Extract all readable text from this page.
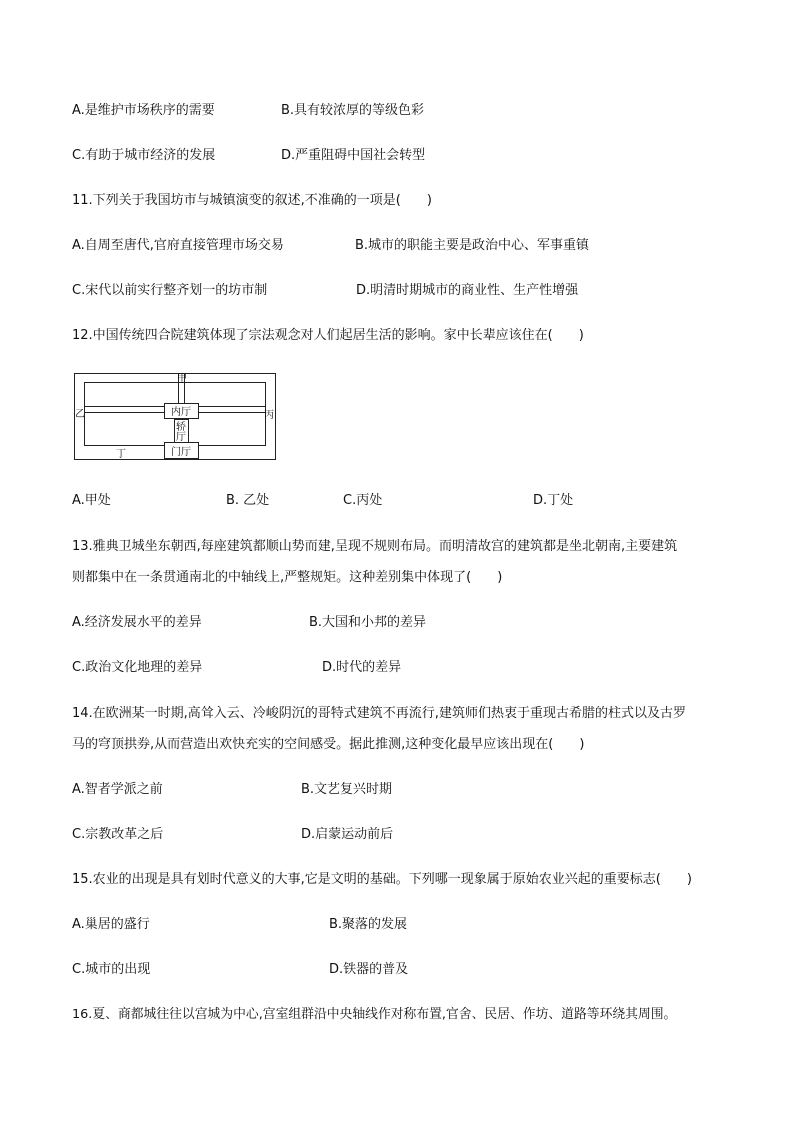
A.是维护市场秩序的需要	B.具有较浓厚的等级色彩
C.有助于城市经济的发展	D.严重阻碍中国社会转型
11.下列关于我国坊市与城镇演变的叙述,不准确的一项是(　　)
A.自周至唐代,官府直接管理市场交易	B.城市的职能主要是政治中心、军事重镇
C.宋代以前实行整齐划一的坊市制	D.明清时期城市的商业性、生产性增强
12.中国传统四合院建筑体现了宗法观念对人们起居生活的影响。家中长辈应该住在(　　)
甲
乙	丙
丁
内厅
轿
厅
门厅
A.甲处	B. 乙处	C.丙处	D.丁处
13.雅典卫城坐东朝西,每座建筑都顺山势而建,呈现不规则布局。而明清故宫的建筑都是坐北朝南,主要建筑
则都集中在一条贯通南北的中轴线上,严整规矩。这种差别集中体现了(　　)
A.经济发展水平的差异	B.大国和小邦的差异
C.政治文化地理的差异	D.时代的差异
14.在欧洲某一时期,高耸入云、冷峻阴沉的哥特式建筑不再流行,建筑师们热衷于重现古希腊的柱式以及古罗
马的穹顶拱券,从而营造出欢快充实的空间感受。据此推测,这种变化最早应该出现在(　　)
A.智者学派之前	B.文艺复兴时期
C.宗教改革之后	D.启蒙运动前后
15.农业的出现是具有划时代意义的大事,它是文明的基础。下列哪一现象属于原始农业兴起的重要标志(　　)
A.巢居的盛行	B.聚落的发展
C.城市的出现	D.铁器的普及
16.夏、商都城往往以宫城为中心,宫室组群沿中央轴线作对称布置,官舍、民居、作坊、道路等环绕其周围。
